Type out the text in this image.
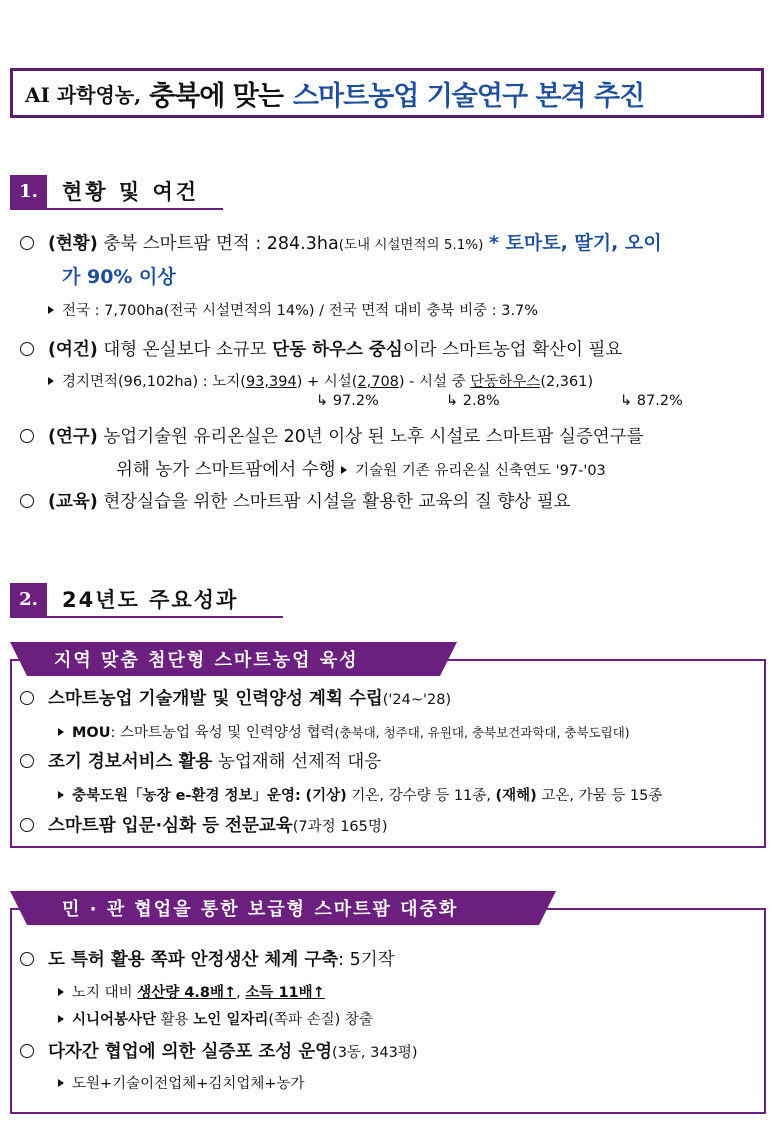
AI 과학영농, 충북에 맞는 스마트농업 기술연구 본격 추진
1.	현황 및 여건
(현황)
충북 스마트팜 면적 : 284.3ha (도내 시설면적의 5.1%)
* 토마토, 딸기, 오이
가 90% 이상
전국 : 7,700ha(전국 시설면적의 14%) / 전국 면적 대비 충북 비중 : 3.7%
(여건)
대형 온실보다 소규모
단동 하우스 중심 이라 스마트농업 확산이 필요
경지면적(96,102ha) : 노지( 93,394 ) + 시설( 2,708 ) - 시설 중
단동하우스 (2,361)
↳ 97.2%	↳ 2.8%	↳ 87.2%
(연구)
농업기술원 유리온실은 20년 이상 된 노후 시설로 스마트팜 실증연구를
위해 농가 스마트팜에서 수행
기술원 기존 유리온실 신축연도 '97-'03
(교육)
현장실습을 위한 스마트팜 시설을 활용한 교육의 질 향상 필요
2.	24년도 주요성과
지역 맞춤 첨단형 스마트농업 육성
스마트농업 기술개발 및 인력양성 계획 수립 ('24~'28)
MOU : 스마트농업 육성 및 인력양성 협력 (충북대, 청주대, 유원대, 충북보건과학대, 충북도립대)
조기 경보서비스 활용
농업재해 선제적 대응
충북도원「농장 e-환경 정보」운영:
(기상)
기온, 강수량 등 11종,
(재해)
고온, 가뭄 등 15종
스마트팜 입문·심화 등 전문교육 (7과정 165명)
민 · 관 협업을 통한 보급형 스마트팜 대중화
도 특허 활용 쪽파 안정생산 체계 구축 : 5기작
노지 대비
생산량 4.8배↑ ,
소득 11배↑
시니어봉사단
활용
노인 일자리 (쪽파 손질) 창출
다자간 협업에 의한 실증포 조성 운영 (3동, 343평)
도원+기술이전업체+김치업체+농가
